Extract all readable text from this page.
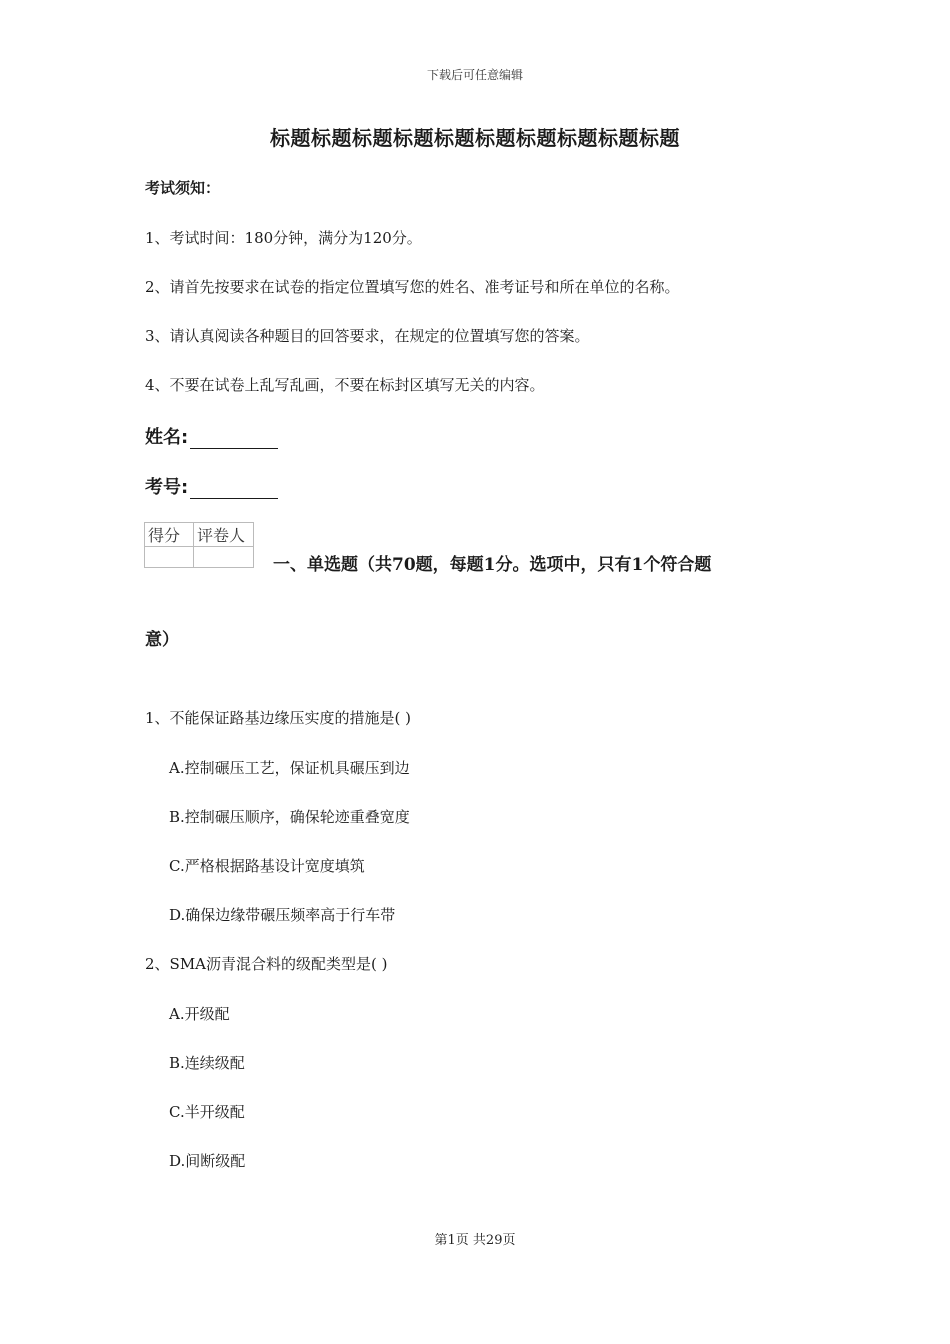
下载后可任意编辑
标题标题标题标题标题标题标题标题标题标题
考试须知：
1、考试时间：180分钟，满分为120分。
2、请首先按要求在试卷的指定位置填写您的姓名、准考证号和所在单位的名称。
3、请认真阅读各种题目的回答要求，在规定的位置填写您的答案。
4、不要在试卷上乱写乱画，不要在标封区填写无关的内容。
姓名:
考号:
得分	评卷人

一、单选题（共70题，每题1分。选项中，只有1个符合题
意）
1、不能保证路基边缘压实度的措施是( )
A.控制碾压工艺，保证机具碾压到边
B.控制碾压顺序，确保轮迹重叠宽度
C.严格根据路基设计宽度填筑
D.确保边缘带碾压频率高于行车带
2、SMA沥青混合料的级配类型是( )
A.开级配
B.连续级配
C.半开级配
D.间断级配
第1页 共29页
